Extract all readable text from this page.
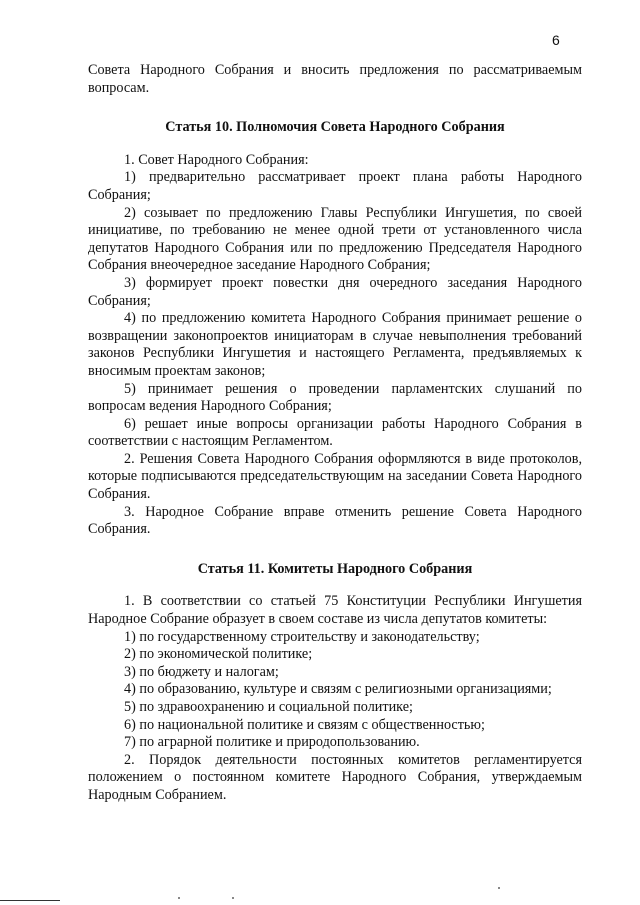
6

Совета Народного Собрания и вносить предложения по рассматриваемым вопросам.

Статья 10. Полномочия Совета Народного Собрания

1. Совет Народного Собрания:

1) предварительно рассматривает проект плана работы Народного Собрания;

2) созывает по предложению Главы Республики Ингушетия, по своей инициативе, по требованию не менее одной трети от установленного числа депутатов Народного Собрания или по предложению Председателя Народного Собрания внеочередное заседание Народного Собрания;

3) формирует проект повестки дня очередного заседания Народного Собрания;

4) по предложению комитета Народного Собрания принимает решение о возвращении законопроектов инициаторам в случае невыполнения требований законов Республики Ингушетия и настоящего Регламента, предъявляемых к вносимым проектам законов;

5) принимает решения о проведении парламентских слушаний по вопросам ведения Народного Собрания;

6) решает иные вопросы организации работы Народного Собрания в соответствии с настоящим Регламентом.

2. Решения Совета Народного Собрания оформляются в виде протоколов, которые подписываются председательствующим на заседании Совета Народного Собрания.

3. Народное Собрание вправе отменить решение Совета Народного Собрания.

Статья 11. Комитеты Народного Собрания

1. В соответствии со статьей 75 Конституции Республики Ингушетия Народное Собрание образует в своем составе из числа депутатов комитеты:

1) по государственному строительству и законодательству;

2) по экономической политике;

3) по бюджету и налогам;

4) по образованию, культуре и связям с религиозными организациями;

5) по здравоохранению и социальной политике;

6) по национальной политике и связям с общественностью;

7) по аграрной политике и природопользованию.

2. Порядок деятельности постоянных комитетов регламентируется положением о постоянном комитете Народного Собрания, утверждаемым Народным Собранием.
